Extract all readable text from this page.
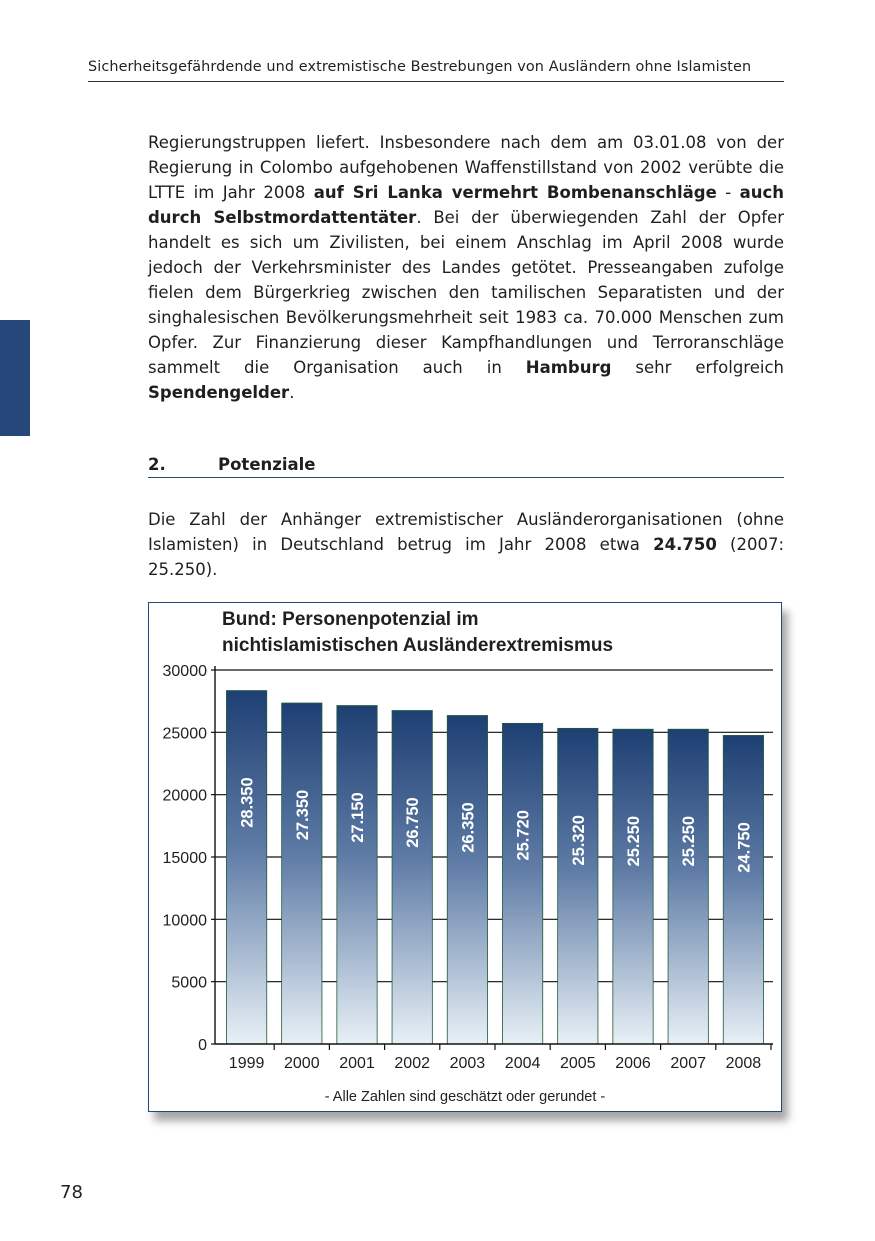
Sicherheitsgefährdende und extremistische Bestrebungen von Ausländern ohne Islamisten

Regierungstruppen liefert. Insbesondere nach dem am 03.01.08 von der Regierung in Colombo aufgehobenen Waffenstillstand von 2002 verübte die LTTE im Jahr 2008 auf Sri Lanka vermehrt Bombenanschläge - auch durch Selbstmordattentäter. Bei der überwiegenden Zahl der Opfer handelt es sich um Zivilisten, bei einem Anschlag im April 2008 wurde jedoch der Verkehrsminister des Landes getötet. Presseangaben zufolge fielen dem Bürgerkrieg zwischen den tamilischen Separatisten und der singhalesischen Bevölkerungsmehrheit seit 1983 ca. 70.000 Menschen zum Opfer. Zur Finanzierung dieser Kampfhandlungen und Terroranschläge sammelt die Organisation auch in Hamburg sehr erfolgreich Spendengelder.

2.	Potenziale

Die Zahl der Anhänger extremistischer Ausländerorganisationen (ohne Islamisten) in Deutschland betrug im Jahr 2008 etwa 24.750 (2007: 25.250).

Bund: Personenpotenzial im
nichtislamistischen Ausländerextremismus
28.350 27.350 27.150 26.750 26.350 25.720 25.320 25.250 25.250 24.750
0
5000
10000
15000
20000
25000
30000
1999 2000 2001 2002 2003 2004 2005 2006 2007 2008
- Alle Zahlen sind geschätzt oder gerundet -
78
